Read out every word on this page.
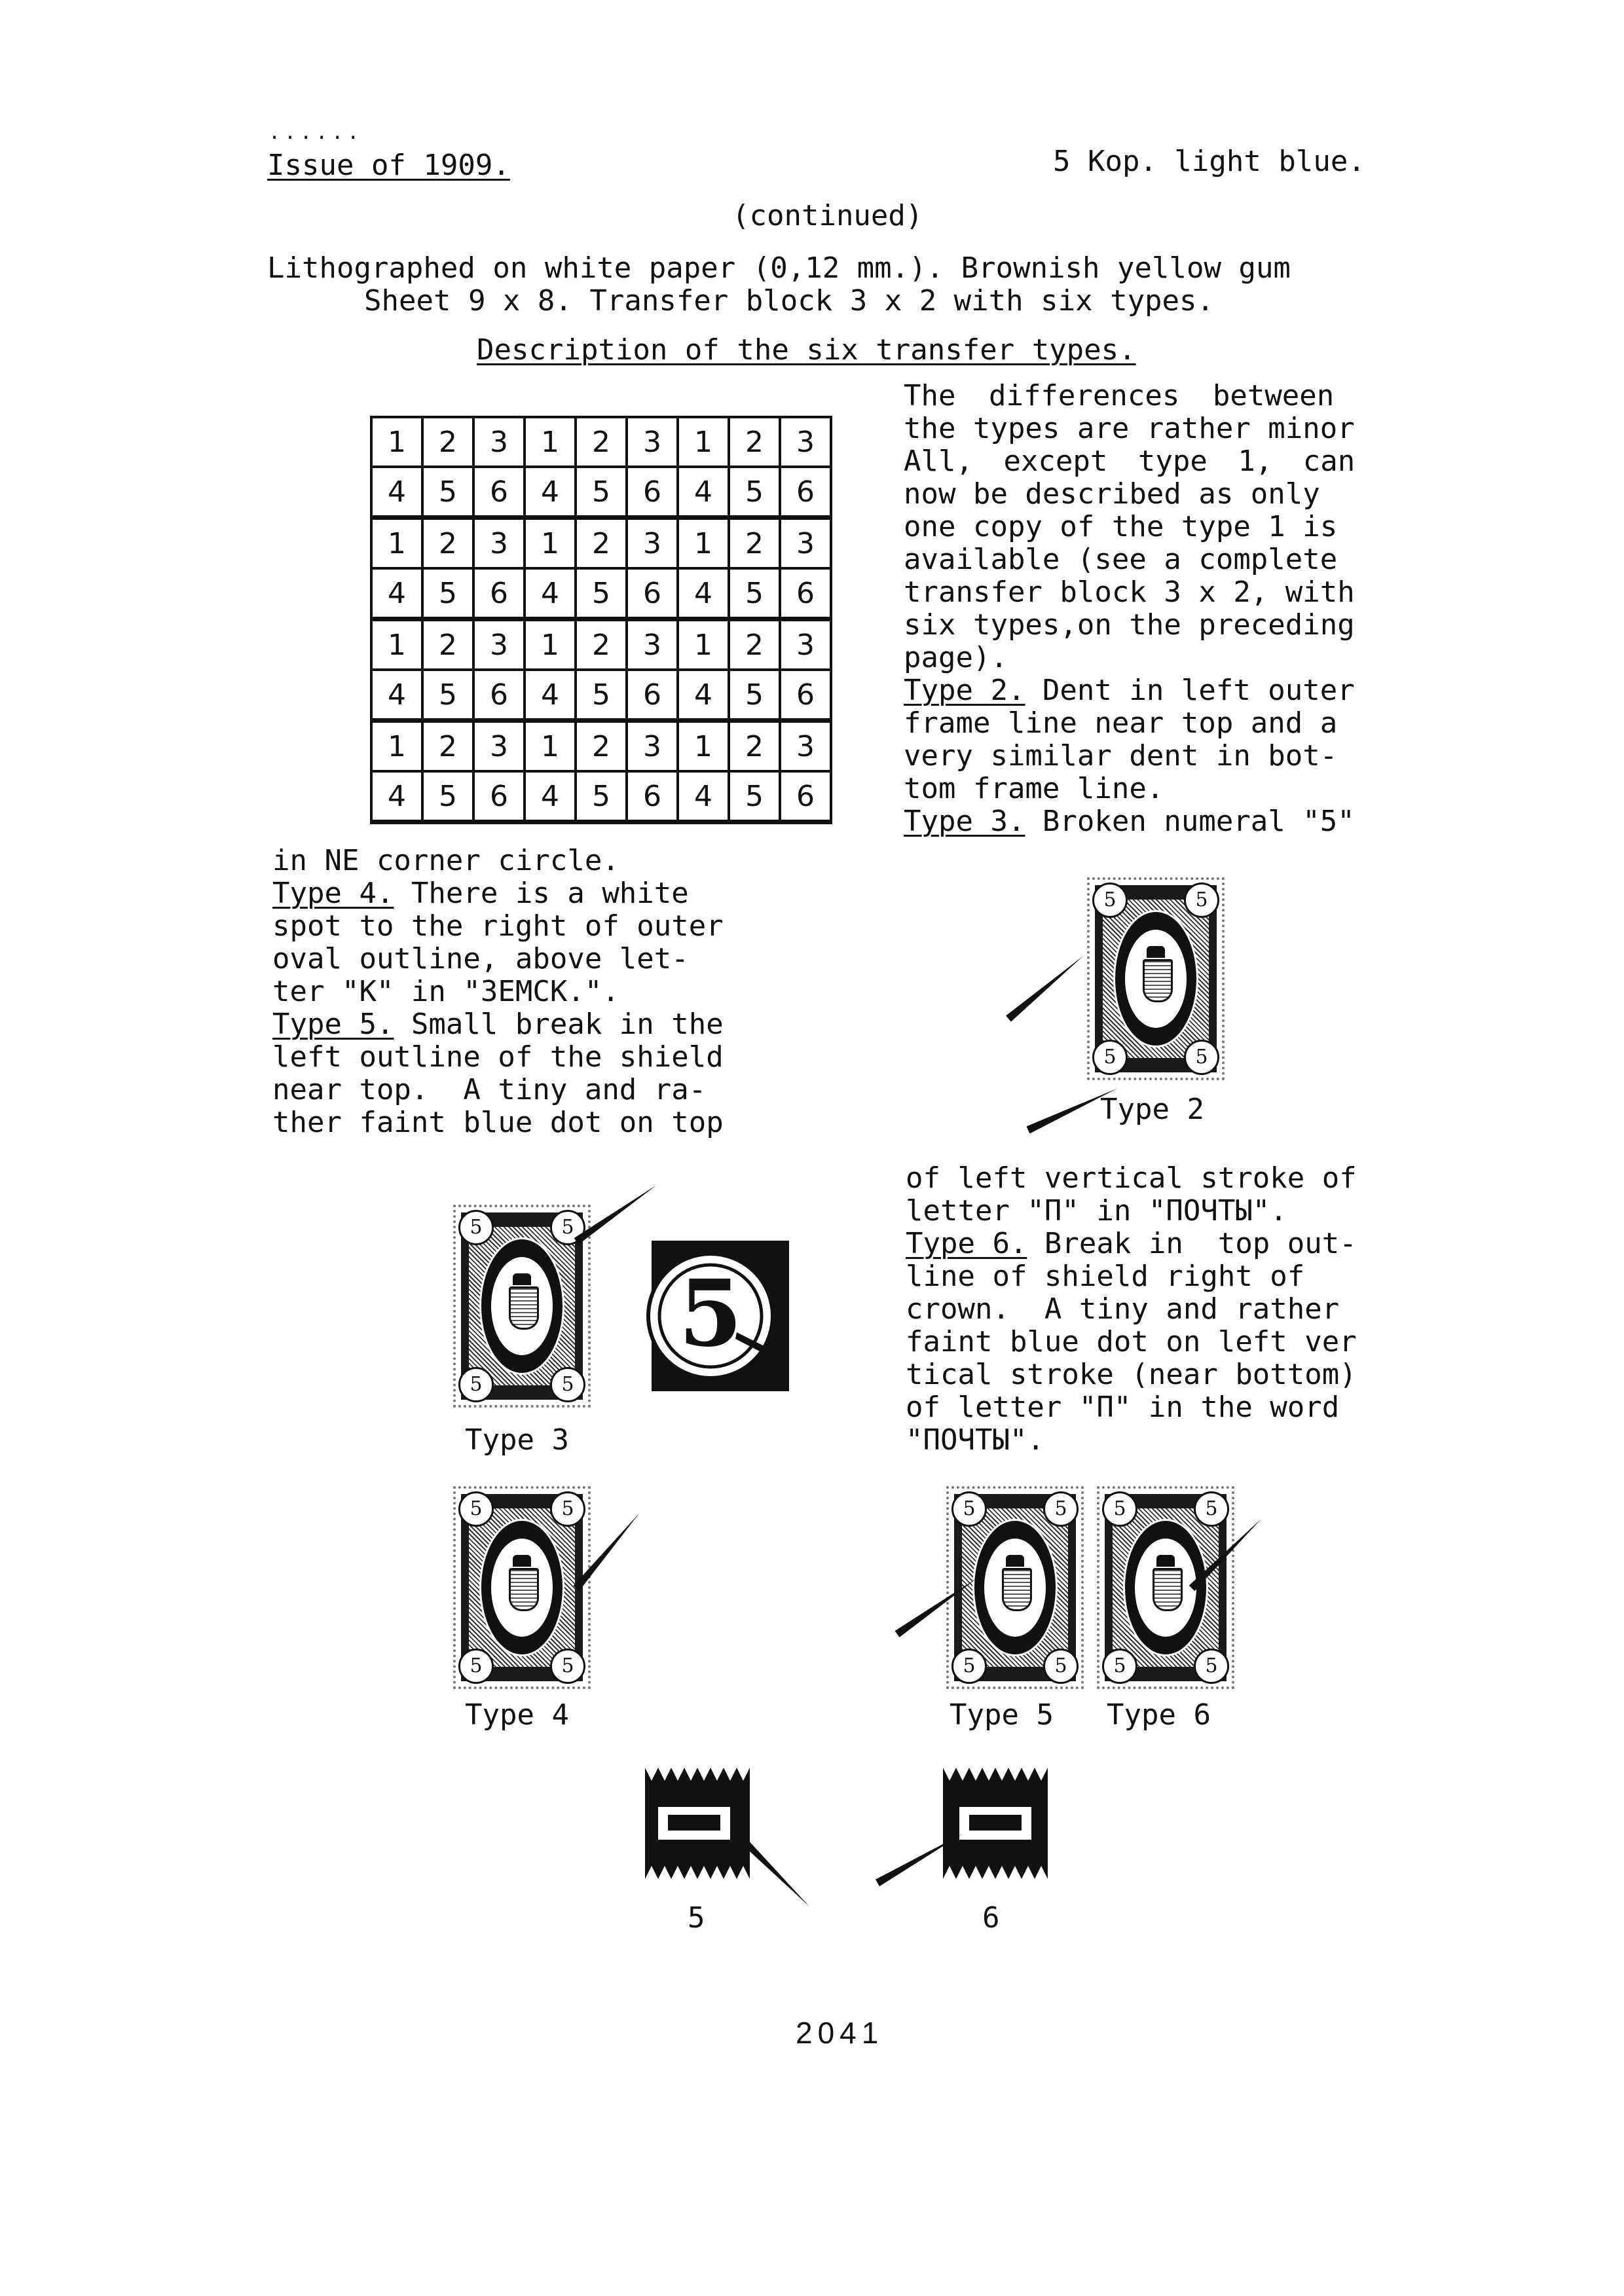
......
Issue of 1909.	5 Kop. light blue.
(continued)
Lithographed on white paper (0,12 mm.). Brownish yellow gum
Sheet 9 x 8. Transfer block 3 x 2 with six types.
Description of the six transfer types.
1	2	3	1	2	3	1	2	3
4	5	6	4	5	6	4	5	6
1	2	3	1	2	3	1	2	3
4	5	6	4	5	6	4	5	6
1	2	3	1	2	3	1	2	3
4	5	6	4	5	6	4	5	6
1	2	3	1	2	3	1	2	3
4	5	6	4	5	6	4	5	6
The differences between
the types are rather minor
All, except type 1, can
now be described as only
one copy of the type 1 is
available (see a complete
transfer block 3 x 2, with
six types,on the preceding
page).
Type 2. Dent in left outer
frame line near top and a
very similar dent in bot-
tom frame line.
Type 3. Broken numeral "5"
in NE corner circle.
Type 4. There is a white
spot to the right of outer
oval outline, above let-
ter "K" in "ЗЕМСК.".
Type 5. Small break in the
left outline of the shield
near top.  A tiny and ra-
ther faint blue dot on top
of left vertical stroke of
letter "П" in "ПОЧТЫ".
Type 6. Break in  top out-
line of shield right of
crown.  A tiny and rather
faint blue dot on left ver
tical stroke (near bottom)
of letter "П" in the word
"ПОЧТЫ".
5	5
5	5
Type 2
5	5
5	5
5
Type 3
5	5
5	5
Type 4
5	5
5	5
5	5
5	5
Type 5 Type 6
5	6
2041
